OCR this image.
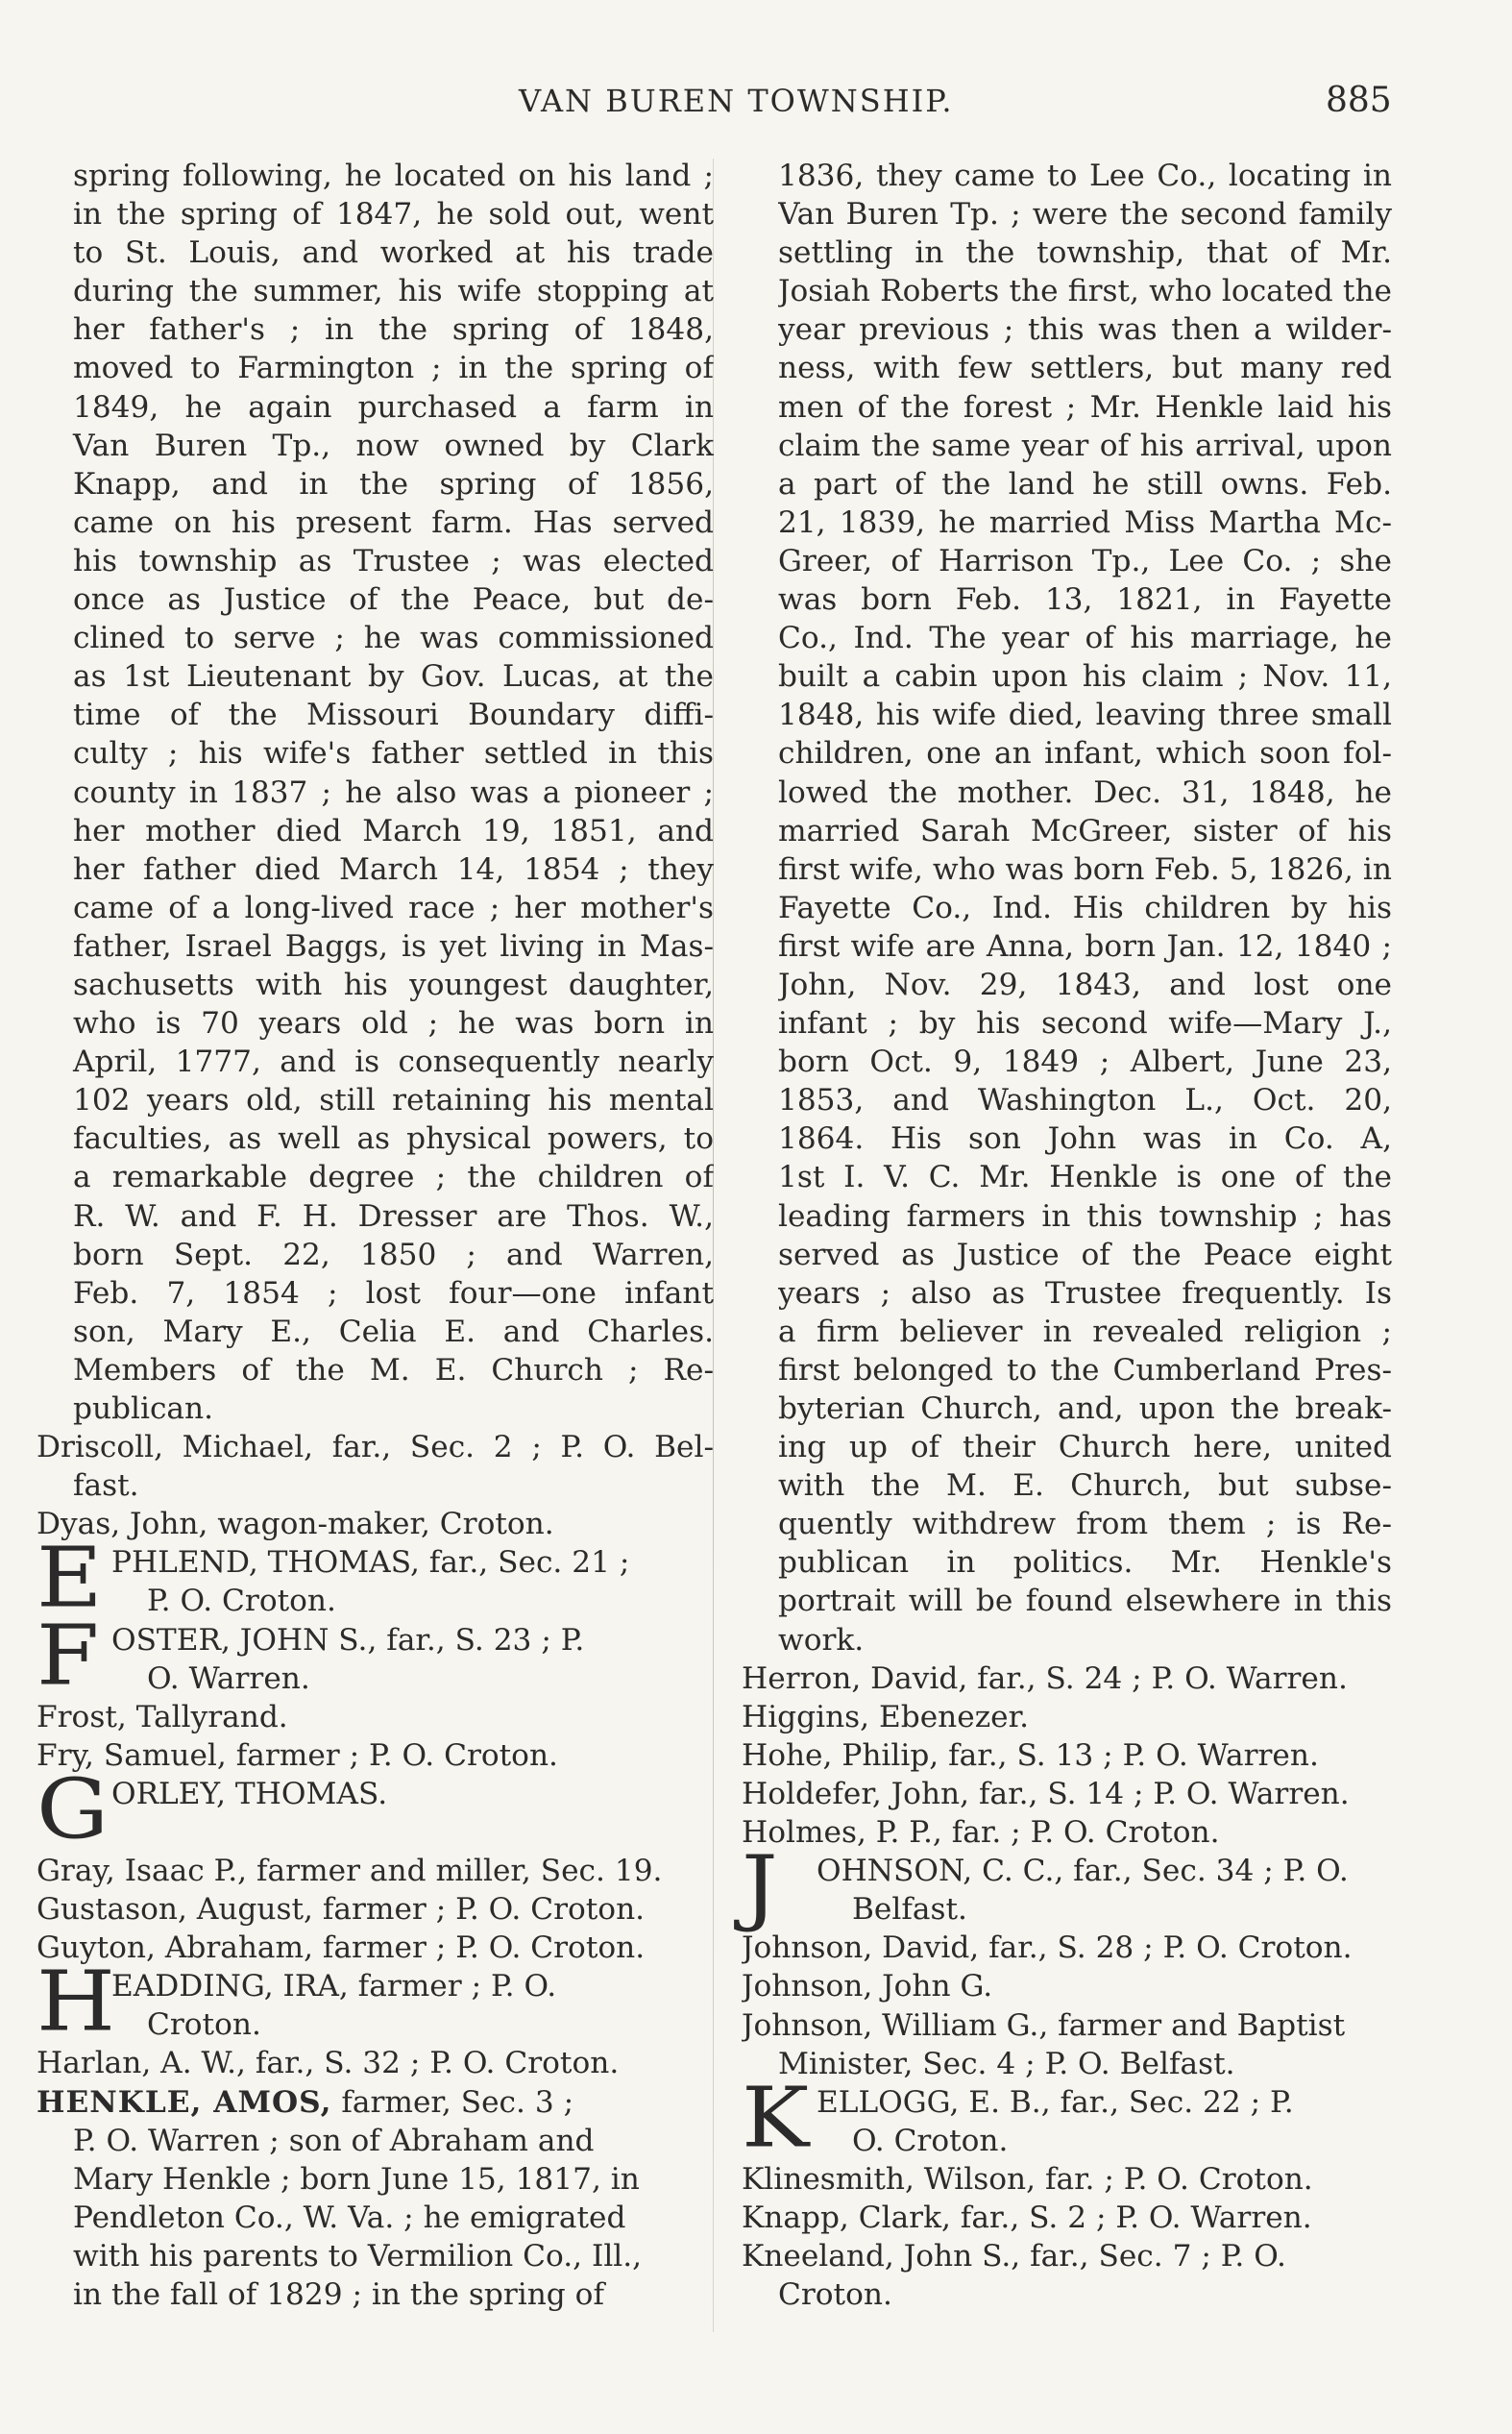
VAN BUREN TOWNSHIP.	885
spring following, he located on his land ;
in the spring of 1847, he sold out, went
to St. Louis, and worked at his trade
during the summer, his wife stopping at
her father's ; in the spring of 1848,
moved to Farmington ; in the spring of
1849, he again purchased a farm in
Van Buren Tp., now owned by Clark
Knapp, and in the spring of 1856,
came on his present farm. Has served
his township as Trustee ; was elected
once as Justice of the Peace, but de-
clined to serve ; he was commissioned
as 1st Lieutenant by Gov. Lucas, at the
time of the Missouri Boundary diffi-
culty ; his wife's father settled in this
county in 1837 ; he also was a pioneer ;
her mother died March 19, 1851, and
her father died March 14, 1854 ; they
came of a long-lived race ; her mother's
father, Israel Baggs, is yet living in Mas-
sachusetts with his youngest daughter,
who is 70 years old ; he was born in
April, 1777, and is consequently nearly
102 years old, still retaining his mental
faculties, as well as physical powers, to
a remarkable degree ; the children of
R. W. and F. H. Dresser are Thos. W.,
born Sept. 22, 1850 ; and Warren,
Feb. 7, 1854 ; lost four—one infant
son, Mary E., Celia E. and Charles.
Members of the M. E. Church ; Re-
publican.
Driscoll, Michael, far., Sec. 2 ; P. O. Bel-
fast.
Dyas, John, wagon-maker, Croton.
E PHLEND, THOMAS, far., Sec. 21 ;
P. O. Croton.
F OSTER, JOHN S., far., S. 23 ; P.
O. Warren.
Frost, Tallyrand.
Fry, Samuel, farmer ; P. O. Croton.
G ORLEY, THOMAS.
Gray, Isaac P., farmer and miller, Sec. 19.
Gustason, August, farmer ; P. O. Croton.
Guyton, Abraham, farmer ; P. O. Croton.
H
EADDING, IRA, farmer ; P. O.
Croton.
Harlan, A. W., far., S. 32 ; P. O. Croton.
HENKLE, AMOS, farmer, Sec. 3 ;
P. O. Warren ; son of Abraham and
Mary Henkle ; born June 15, 1817, in
Pendleton Co., W. Va. ; he emigrated
with his parents to Vermilion Co., Ill.,
in the fall of 1829 ; in the spring of
1836, they came to Lee Co., locating in
Van Buren Tp. ; were the second family
settling in the township, that of Mr.
Josiah Roberts the first, who located the
year previous ; this was then a wilder-
ness, with few settlers, but many red
men of the forest ; Mr. Henkle laid his
claim the same year of his arrival, upon
a part of the land he still owns. Feb.
21, 1839, he married Miss Martha Mc-
Greer, of Harrison Tp., Lee Co. ; she
was born Feb. 13, 1821, in Fayette
Co., Ind. The year of his marriage, he
built a cabin upon his claim ; Nov. 11,
1848, his wife died, leaving three small
children, one an infant, which soon fol-
lowed the mother. Dec. 31, 1848, he
married Sarah McGreer, sister of his
first wife, who was born Feb. 5, 1826, in
Fayette Co., Ind. His children by his
first wife are Anna, born Jan. 12, 1840 ;
John, Nov. 29, 1843, and lost one
infant ; by his second wife—Mary J.,
born Oct. 9, 1849 ; Albert, June 23,
1853, and Washington L., Oct. 20,
1864. His son John was in Co. A,
1st I. V. C. Mr. Henkle is one of the
leading farmers in this township ; has
served as Justice of the Peace eight
years ; also as Trustee frequently. Is
a firm believer in revealed religion ;
first belonged to the Cumberland Pres-
byterian Church, and, upon the break-
ing up of their Church here, united
with the M. E. Church, but subse-
quently withdrew from them ; is Re-
publican in politics. Mr. Henkle's
portrait will be found elsewhere in this
work.
Herron, David, far., S. 24 ; P. O. Warren.
Higgins, Ebenezer.
Hohe, Philip, far., S. 13 ; P. O. Warren.
Holdefer, John, far., S. 14 ; P. O. Warren.
Holmes, P. P., far. ; P. O. Croton.
J	OHNSON, C. C., far., Sec. 34 ; P. O.
Belfast.
Johnson, David, far., S. 28 ; P. O. Croton.
Johnson, John G.
Johnson, William G., farmer and Baptist
Minister, Sec. 4 ; P. O. Belfast.
K ELLOGG, E. B., far., Sec. 22 ; P.
O. Croton.
Klinesmith, Wilson, far. ; P. O. Croton.
Knapp, Clark, far., S. 2 ; P. O. Warren.
Kneeland, John S., far., Sec. 7 ; P. O.
Croton.
